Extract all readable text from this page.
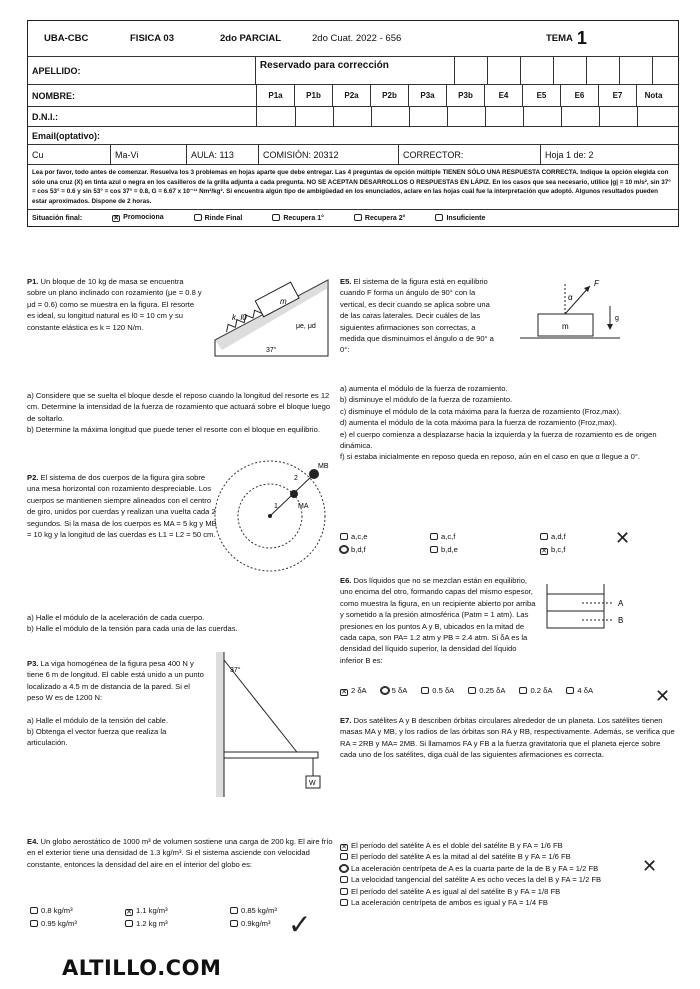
UBA-CBC	FISICA 03	2do PARCIAL	2do Cuat. 2022 - 656	TEMA 1
APELLIDO:	Reservado para corrección
NOMBRE:	P1a	P1b	P2a	P2b	P3a	P3b	E4	E5	E6	E7	Nota
D.N.I.:
Email(optativo):
Cu	Ma-Vi	AULA: 113	COMISIÓN: 20312	CORRECTOR:	Hoja 1 de: 2
Lea por favor, todo antes de comenzar. Resuelva los 3 problemas en hojas aparte que debe entregar. Las 4 preguntas de opción múltiple TIENEN SÓLO UNA RESPUESTA CORRECTA. Indique la opción elegida con sólo una cruz (X) en tinta azul o negra en los casilleros de la grilla adjunta a cada pregunta. NO SE ACEPTAN DESARROLLOS O RESPUESTAS EN LÁPIZ. En los casos que sea necesario, utilice |g| = 10 m/s², sin 37° = cos 53° = 0.6 y sin 53° = cos 37° = 0.8, G = 6.67 x 10⁻¹¹ Nm²/kg². Si encuentra algún tipo de ambigüedad en los enunciados, aclare en las hojas cuál fue la interpretación que adoptó. Algunos resultados pueden estar aproximados. Dispone de 2 horas.
Situación final:	✕ Promociona	Rinde Final	Recupera 1°	Recupera 2°	Insuficiente
P1. Un bloque de 10 kg de masa se encuentra sobre un plano inclinado con rozamiento (μe = 0.8 y μd = 0.6) como se muestra en la figura. El resorte es ideal, su longitud natural es l0 = 10 cm y su constante elástica es k = 120 N/m.
k, l0
m
μe, μd
37°
a) Considere que se suelta el bloque desde el reposo cuando la longitud del resorte es 12 cm. Determine la intensidad de la fuerza de rozamiento que actuará sobre el bloque luego de soltarlo.
b) Determine la máxima longitud que puede tener el resorte con el bloque en equilibrio.
P2. El sistema de dos cuerpos de la figura gira sobre una mesa horizontal con rozamiento despreciable. Los cuerpos se mantienen siempre alineados con el centro de giro, unidos por cuerdas y realizan una vuelta cada 2 segundos. Si la masa de los cuerpos es MA = 5 kg y MB = 10 kg y la longitud de las cuerdas es L1 = L2 = 50 cm.
MB
MA
1
2
a) Halle el módulo de la aceleración de cada cuerpo.
b) Halle el módulo de la tensión para cada una de las cuerdas.
P3. La viga homogénea de la figura pesa 400 N y tiene 6 m de longitud. El cable está unido a un punto localizado a 4.5 m de distancia de la pared. Si el peso W es de 1200 N:
a) Halle el módulo de la tensión del cable.
b) Obtenga el vector fuerza que realiza la articulación.
W
37°
E4. Un globo aerostático de 1000 m³ de volumen sostiene una carga de 200 kg. El aire frío en el exterior tiene una densidad de 1.3 kg/m³. Si el sistema asciende con velocidad constante, entonces la densidad del aire en el interior del globo es:
0.8 kg/m³	✕ 1.1 kg/m³	0.85 kg/m³
0.95 kg/m³	1.2 kg m³	0.9kg/m³ ✓
E5. El sistema de la figura está en equilibrio cuando F forma un ángulo de 90° con la vertical, es decir cuando se aplica sobre una de las caras laterales. Decir cuáles de las siguientes afirmaciones son correctas, a medida que disminuimos el ángulo α de 90° a 0°:
F
α
m
g
a) aumenta el módulo de la fuerza de rozamiento.
b) disminuye el módulo de la fuerza de rozamiento.
c) disminuye el módulo de la cota máxima para la fuerza de rozamiento (Froz,max).
d) aumenta el módulo de la cota máxima para la fuerza de rozamiento (Froz,max).
e) el cuerpo comienza a desplazarse hacia la izquierda y la fuerza de rozamiento es de origen dinámica.
f) si estaba inicialmente en reposo queda en reposo, aún en el caso en que α llegue a 0°.
a,c,e	a,c,f	a,d,f
b,d,f	b,d,e	✕ b,c,f
✕
E6. Dos líquidos que no se mezclan están en equilibrio, uno encima del otro, formando capas del mismo espesor, como muestra la figura, en un recipiente abierto por arriba y sometido a la presión atmosférica (Patm = 1 atm). Las presiones en los puntos A y B, ubicados en la mitad de cada capa, son PA= 1.2 atm y PB = 2.4 atm. Si δA es la densidad del líquido superior, la densidad del líquido inferior B es:
A
B
✕ 2 δA	5 δA	0.5 δA	0.25 δA	0.2 δA	4 δA	✕
E7. Dos satélites A y B describen órbitas circulares alrededor de un planeta. Los satélites tienen masas MA y MB, y los radios de las órbitas son RA y RB, respectivamente. Además, se verifica que RA = 2RB y MA= 2MB. Si llamamos FA y FB a la fuerza gravitatoria que el planeta ejerce sobre cada uno de los satélites, diga cuál de las siguientes afirmaciones es correcta.
✕ El período del satélite A es el doble del satélite B y FA = 1/6 FB
El período del satélite A es la mitad al del satélite B y FA = 1/6 FB
La aceleración centrípeta de A es la cuarta parte de la de B y FA = 1/2 FB
La velocidad tangencial del satélite A es ocho veces la del B y FA = 1/2 FB
El período del satélite A es igual al del satélite B y FA = 1/8 FB
La aceleración centrípeta de ambos es igual y FA = 1/4 FB
✕
ALTILLO.COM
